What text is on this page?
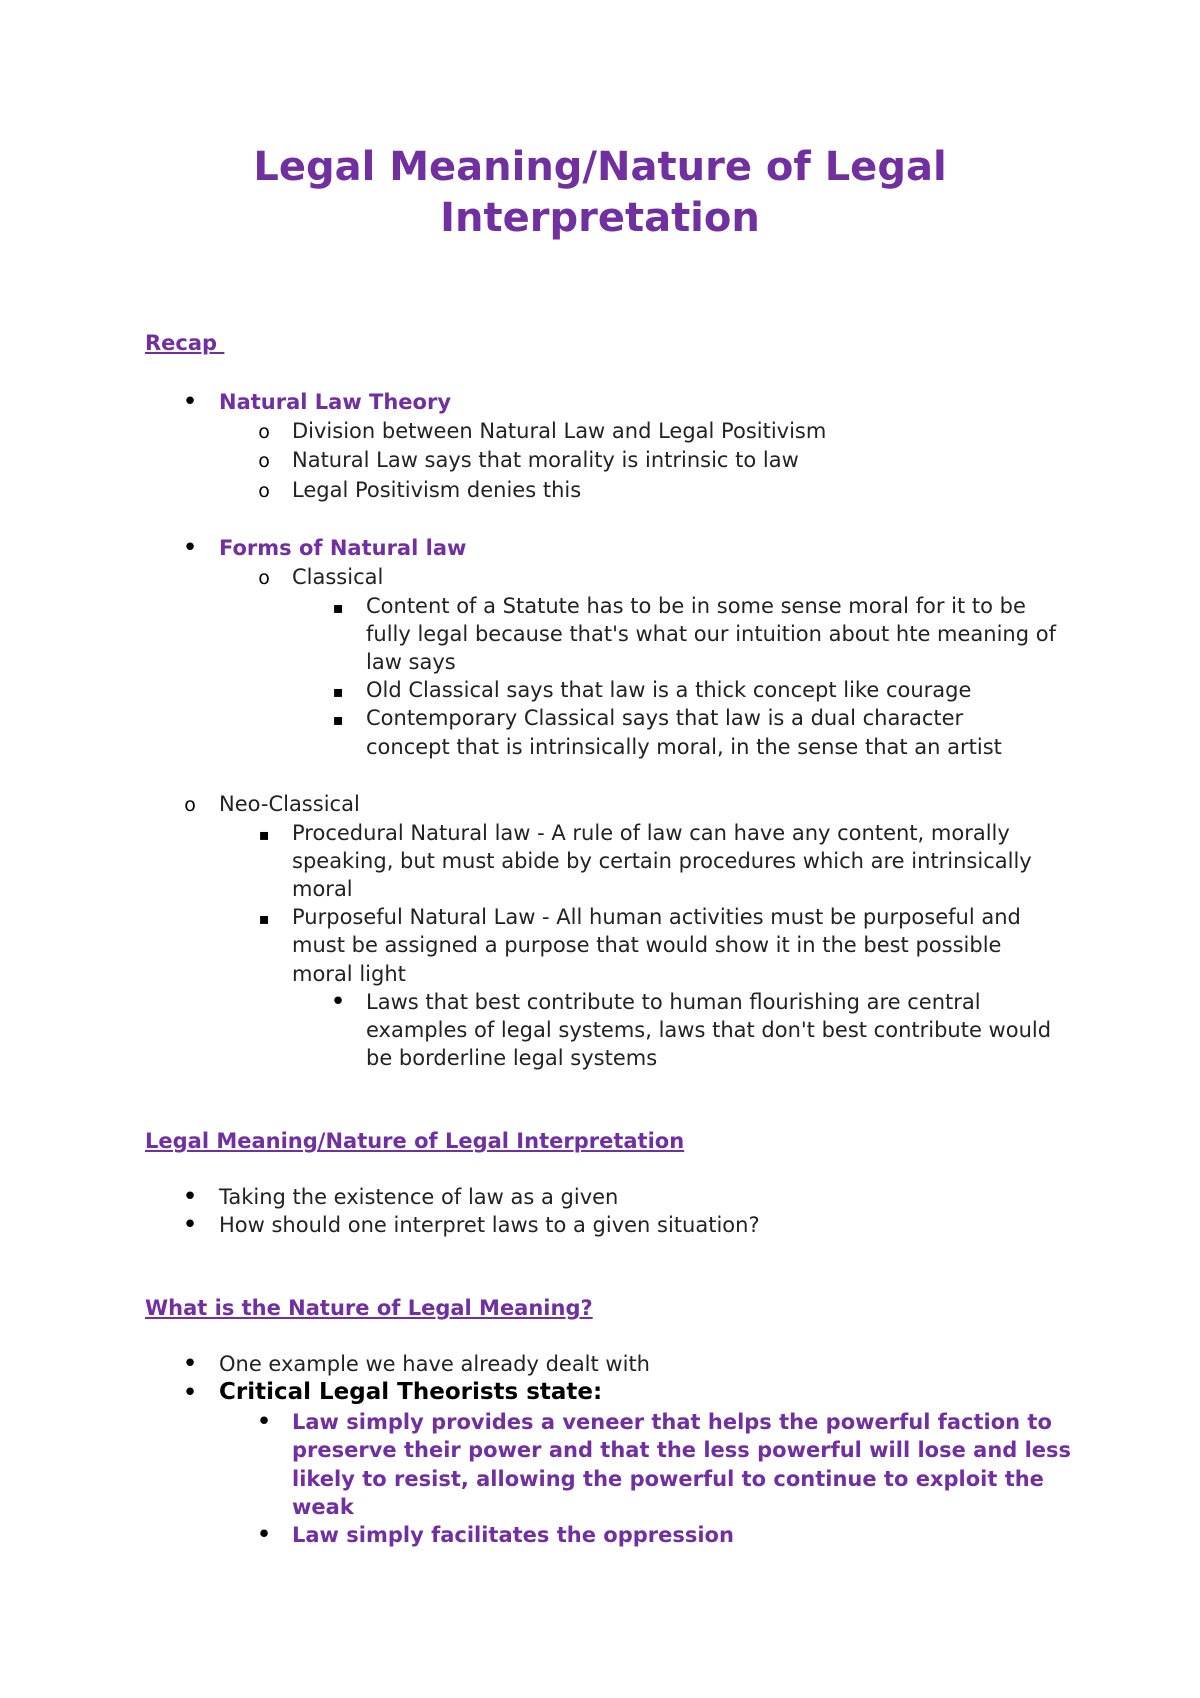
Legal Meaning/Nature of Legal
Interpretation
Recap
•
Natural Law Theory
o
Division between Natural Law and Legal Positivism
o
Natural Law says that morality is intrinsic to law
o
Legal Positivism denies this
•
Forms of Natural law
o
Classical
▪
Content of a Statute has to be in some sense moral for it to be
fully legal because that's what our intuition about hte meaning of
law says
▪
Old Classical says that law is a thick concept like courage
▪
Contemporary Classical says that law is a dual character
concept that is intrinsically moral, in the sense that an artist
o
Neo-Classical
▪
Procedural Natural law - A rule of law can have any content, morally
speaking, but must abide by certain procedures which are intrinsically
moral
▪
Purposeful Natural Law - All human activities must be purposeful and
must be assigned a purpose that would show it in the best possible
moral light
•
Laws that best contribute to human flourishing are central
examples of legal systems, laws that don't best contribute would
be borderline legal systems
Legal Meaning/Nature of Legal Interpretation
•
Taking the existence of law as a given
•
How should one interpret laws to a given situation?
What is the Nature of Legal Meaning?
•
One example we have already dealt with
•
Critical Legal Theorists state:
•
Law simply provides a veneer that helps the powerful faction to
preserve their power and that the less powerful will lose and less
likely to resist, allowing the powerful to continue to exploit the
weak
•
Law simply facilitates the oppression
